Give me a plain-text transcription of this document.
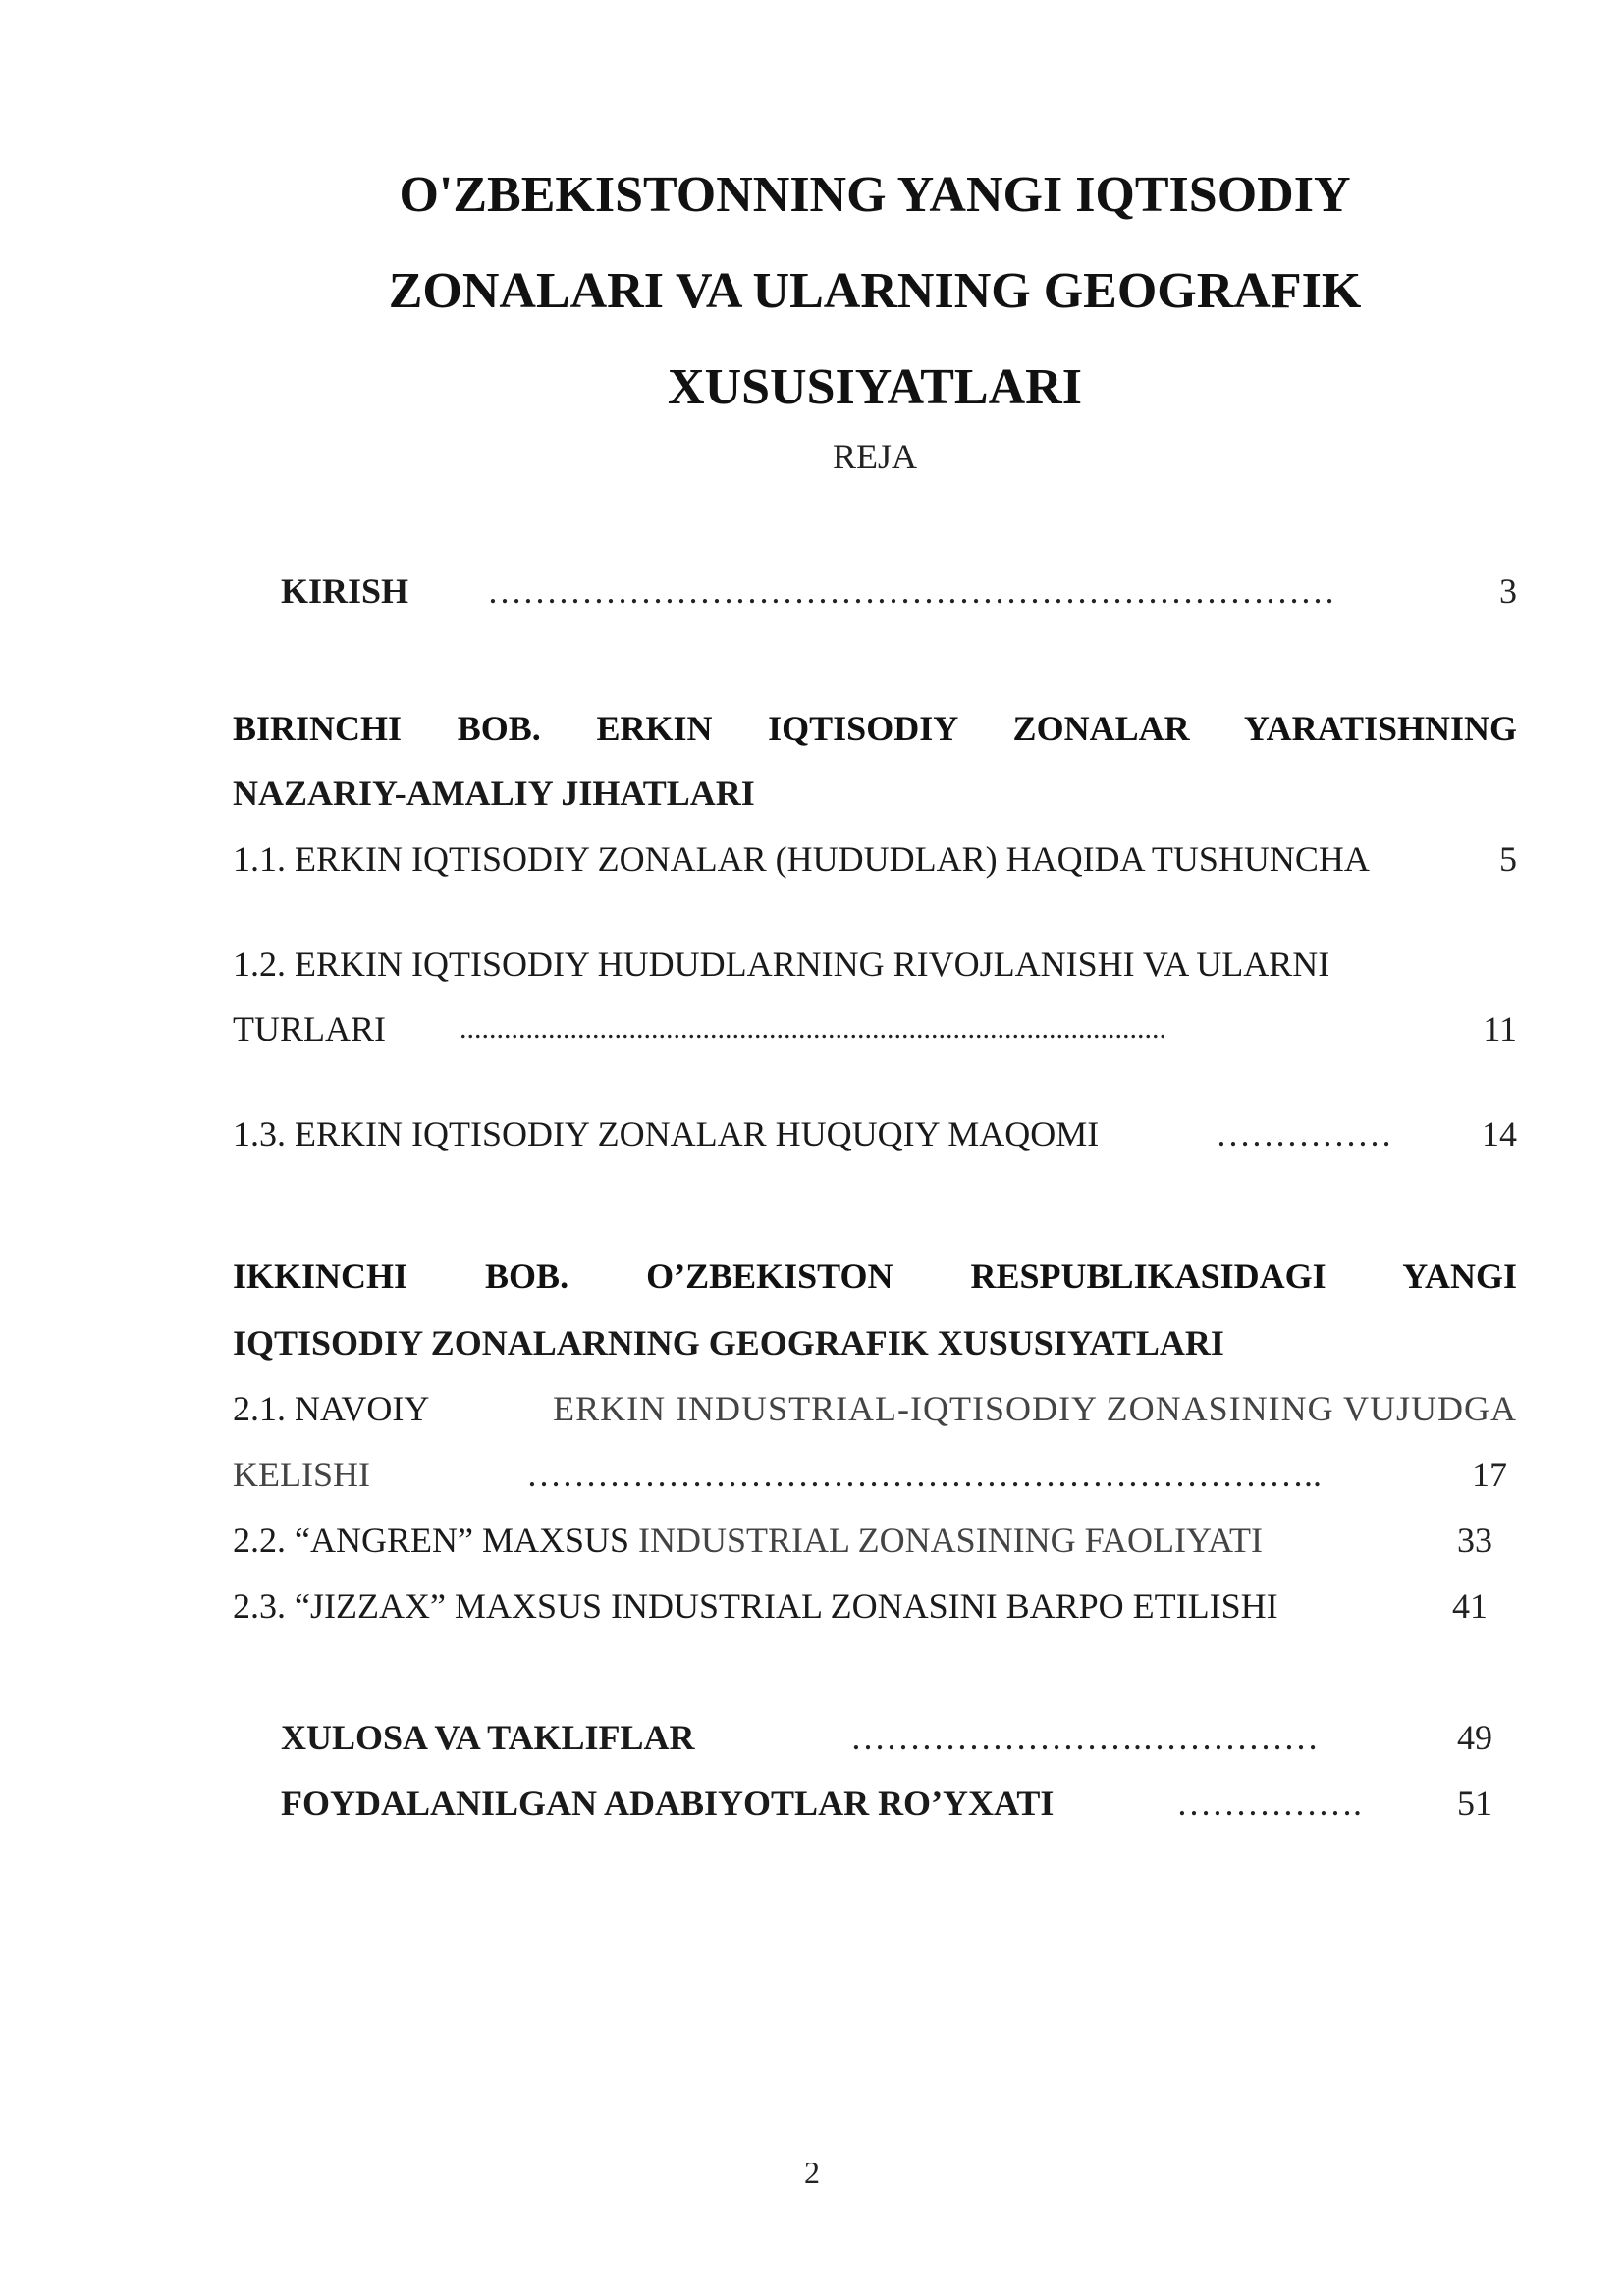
O'ZBEKISTONNING YANGI IQTISODIY
ZONALARI VA ULARNING GEOGRAFIK
XUSUSIYATLARI
REJA
KIRISH ………………………………………………………………	3
BIRINCHI BOB. ERKIN IQTISODIY ZONALAR YARATISHNING
NAZARIY-AMALIY JIHATLARI
1.1. ERKIN IQTISODIY ZONALAR (HUDUDLAR) HAQIDA TUSHUNCHA	5
1.2. ERKIN IQTISODIY HUDUDLARNING RIVOJLANISHI VA ULARNI
TURLARI	................................................................................................	11
1.3. ERKIN IQTISODIY ZONALAR HUQUQIY MAQOMI	……………	14
IKKINCHI BOB. O’ZBEKISTON RESPUBLIKASIDAGI YANGI
IQTISODIY ZONALARNING GEOGRAFIK XUSUSIYATLARI
2.1. NAVOIY	ERKIN INDUSTRIAL-IQTISODIY ZONASINING VUJUDGA
KELISHI	…………………………………………………………..	17
2.2. “ANGREN” MAXSUS INDUSTRIAL ZONASINING FAOLIYATI	33
2.3. “JIZZAX” MAXSUS INDUSTRIAL ZONASINI BARPO ETILISHI	41
XULOSA VA TAKLIFLAR	…………………….……………	49
FOYDALANILGAN ADABIYOTLAR RO’YXATI	…………….	51
2
